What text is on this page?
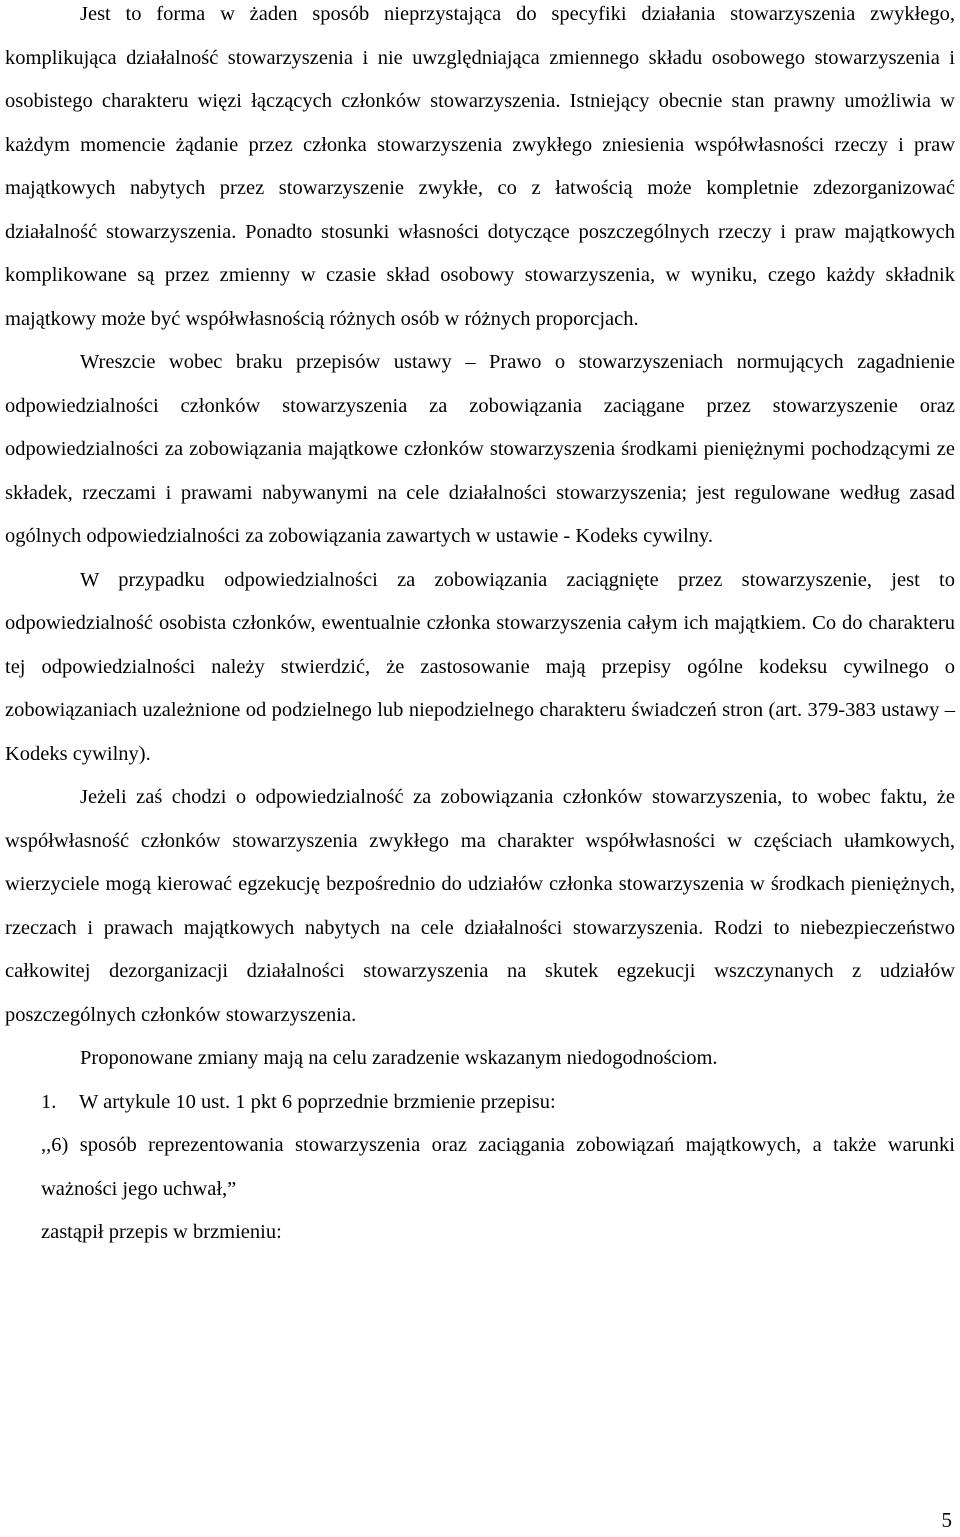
Jest to forma w żaden sposób nieprzystająca do specyfiki działania stowarzyszenia zwykłego, komplikująca działalność stowarzyszenia i nie uwzględniająca zmiennego składu osobowego stowarzyszenia i osobistego charakteru więzi łączących członków stowarzyszenia. Istniejący obecnie stan prawny umożliwia w każdym momencie żądanie przez członka stowarzyszenia zwykłego zniesienia współwłasności rzeczy i praw majątkowych nabytych przez stowarzyszenie zwykłe, co z łatwością może kompletnie zdezorganizować działalność stowarzyszenia. Ponadto stosunki własności dotyczące poszczególnych rzeczy i praw majątkowych komplikowane są przez zmienny w czasie skład osobowy stowarzyszenia, w wyniku, czego każdy składnik majątkowy może być współwłasnością różnych osób w różnych proporcjach.

Wreszcie wobec braku przepisów ustawy – Prawo o stowarzyszeniach normujących zagadnienie odpowiedzialności członków stowarzyszenia za zobowiązania zaciągane przez stowarzyszenie oraz odpowiedzialności za zobowiązania majątkowe członków stowarzyszenia środkami pieniężnymi pochodzącymi ze składek, rzeczami i prawami nabywanymi na cele działalności stowarzyszenia; jest regulowane według zasad ogólnych odpowiedzialności za zobowiązania zawartych w ustawie - Kodeks cywilny.

W przypadku odpowiedzialności za zobowiązania zaciągnięte przez stowarzyszenie, jest to odpowiedzialność osobista członków, ewentualnie członka stowarzyszenia całym ich majątkiem. Co do charakteru tej odpowiedzialności należy stwierdzić, że zastosowanie mają przepisy ogólne kodeksu cywilnego o zobowiązaniach uzależnione od podzielnego lub niepodzielnego charakteru świadczeń stron (art. 379-383 ustawy – Kodeks cywilny).

Jeżeli zaś chodzi o odpowiedzialność za zobowiązania członków stowarzyszenia, to wobec faktu, że współwłasność członków stowarzyszenia zwykłego ma charakter współwłasności w częściach ułamkowych, wierzyciele mogą kierować egzekucję bezpośrednio do udziałów członka stowarzyszenia w środkach pieniężnych, rzeczach i prawach majątkowych nabytych na cele działalności stowarzyszenia. Rodzi to niebezpieczeństwo całkowitej dezorganizacji działalności stowarzyszenia na skutek egzekucji wszczynanych z udziałów poszczególnych członków stowarzyszenia.

Proponowane zmiany mają na celu zaradzenie wskazanym niedogodnościom.

1. W artykule 10 ust. 1 pkt 6 poprzednie brzmienie przepisu:

,,6) sposób reprezentowania stowarzyszenia oraz zaciągania zobowiązań majątkowych, a także warunki ważności jego uchwał,”

zastąpił przepis w brzmieniu:

5
